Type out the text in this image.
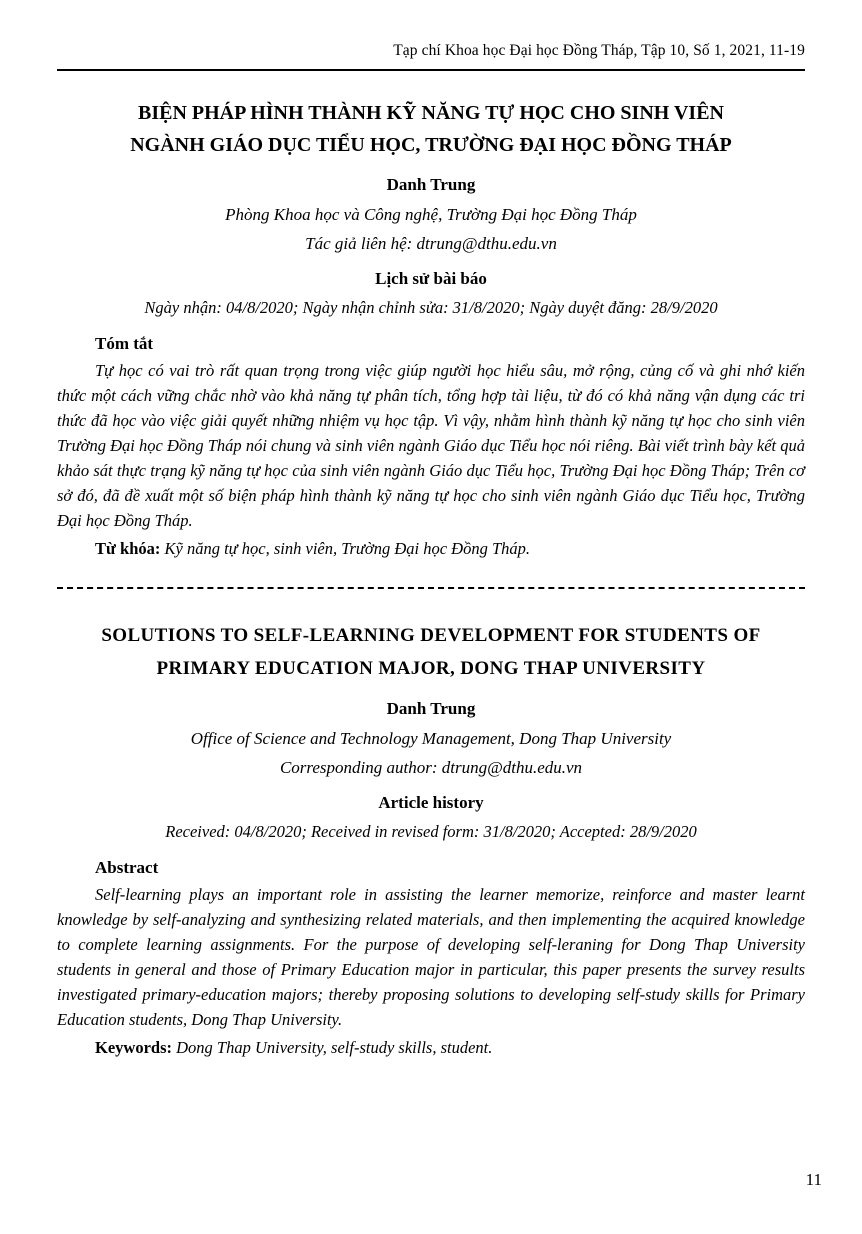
Tạp chí Khoa học Đại học Đồng Tháp, Tập 10, Số 1, 2021, 11-19
BIỆN PHÁP HÌNH THÀNH KỸ NĂNG TỰ HỌC CHO SINH VIÊN
NGÀNH GIÁO DỤC TIỂU HỌC, TRƯỜNG ĐẠI HỌC ĐỒNG THÁP
Danh Trung
Phòng Khoa học và Công nghệ, Trường Đại học Đồng Tháp
Tác giả liên hệ: dtrung@dthu.edu.vn
Lịch sử bài báo
Ngày nhận: 04/8/2020; Ngày nhận chỉnh sửa: 31/8/2020; Ngày duyệt đăng: 28/9/2020
Tóm tắt
Tự học có vai trò rất quan trọng trong việc giúp người học hiểu sâu, mở rộng, củng cố và ghi nhớ kiến thức một cách vững chắc nhờ vào khả năng tự phân tích, tổng hợp tài liệu, từ đó có khả năng vận dụng các tri thức đã học vào việc giải quyết những nhiệm vụ học tập. Vì vậy, nhằm hình thành kỹ năng tự học cho sinh viên Trường Đại học Đồng Tháp nói chung và sinh viên ngành Giáo dục Tiểu học nói riêng. Bài viết trình bày kết quả khảo sát thực trạng kỹ năng tự học của sinh viên ngành Giáo dục Tiểu học, Trường Đại học Đồng Tháp; Trên cơ sở đó, đã đề xuất một số biện pháp hình thành kỹ năng tự học cho sinh viên ngành Giáo dục Tiểu học, Trường Đại học Đồng Tháp.
Từ khóa: Kỹ năng tự học, sinh viên, Trường Đại học Đồng Tháp.
SOLUTIONS TO SELF-LEARNING DEVELOPMENT FOR STUDENTS OF
PRIMARY EDUCATION MAJOR, DONG THAP UNIVERSITY
Danh Trung
Office of Science and Technology Management, Dong Thap University
Corresponding author: dtrung@dthu.edu.vn
Article history
Received: 04/8/2020; Received in revised form: 31/8/2020; Accepted: 28/9/2020
Abstract
Self-learning plays an important role in assisting the learner memorize, reinforce and master learnt knowledge by self-analyzing and synthesizing related materials, and then implementing the acquired knowledge to complete learning assignments. For the purpose of developing self-leraning for Dong Thap University students in general and those of Primary Education major in particular, this paper presents the survey results investigated primary-education majors; thereby proposing solutions to developing self-study skills for Primary Education students, Dong Thap University.
Keywords: Dong Thap University, self-study skills, student.
11
